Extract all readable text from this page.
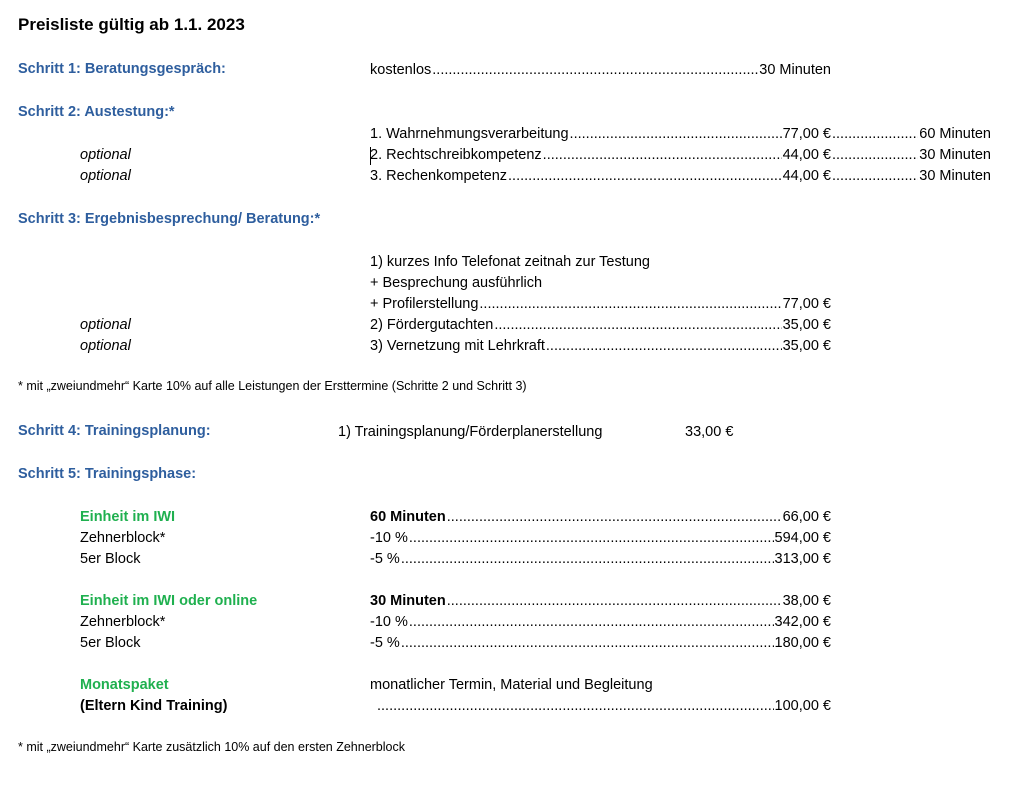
Preisliste gültig ab 1.1. 2023
Schritt 1: Beratungsgespräch:	kostenlos .....	30 Minuten
Schritt 2: Austestung:*
1. Wahrnehmungsverarbeitung .....	77,00 € .....	60 Minuten
optional	2. Rechtschreibkompetenz .....	44,00 € .....	30 Minuten
optional	3. Rechenkompetenz .....	44,00 € .....	30 Minuten
Schritt 3: Ergebnisbesprechung/ Beratung:*
1) kurzes Info Telefonat zeitnah zur Testung
+ Besprechung ausführlich
+ Profilerstellung .....	77,00 €
optional	2) Fördergutachten .....	35,00 €
optional	3) Vernetzung mit Lehrkraft .....	35,00 €
* mit „zweiundmehr“ Karte 10% auf alle Leistungen der Ersttermine (Schritte 2 und Schritt 3)
Schritt 4: Trainingsplanung:	1) Trainingsplanung/Förderplanerstellung	33,00 €
Schritt 5: Trainingsphase:
Einheit im IWI	60 Minuten .....	66,00 €
Zehnerblock*	-10 % .....	594,00 €
5er Block	-5 % .....	313,00 €
Einheit im IWI oder online	30 Minuten .....	38,00 €
Zehnerblock*	-10 % .....	342,00 €
5er Block	-5 % .....	180,00 €
Monatspaket	monatlicher Termin, Material und Begleitung
(Eltern Kind Training) .....	100,00 €
* mit „zweiundmehr“ Karte zusätzlich 10% auf den ersten Zehnerblock
